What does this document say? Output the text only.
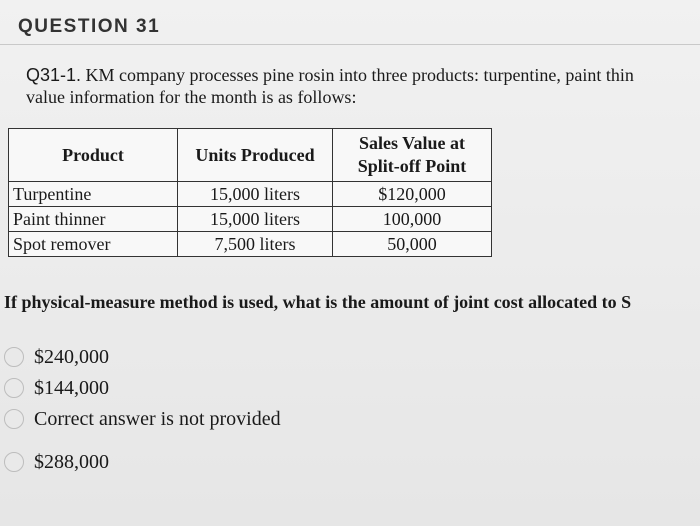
QUESTION 31
Q31-1. KM company processes pine rosin into three products: turpentine, paint thin
value information for the month is as follows:
Product	Units Produced	Sales Value at
Split-off Point
Turpentine	15,000 liters	$120,000
Paint thinner	15,000 liters	100,000
Spot remover	7,500 liters	50,000
If physical-measure method is used, what is the amount of joint cost allocated to S
$240,000
$144,000
Correct answer is not provided
$288,000
